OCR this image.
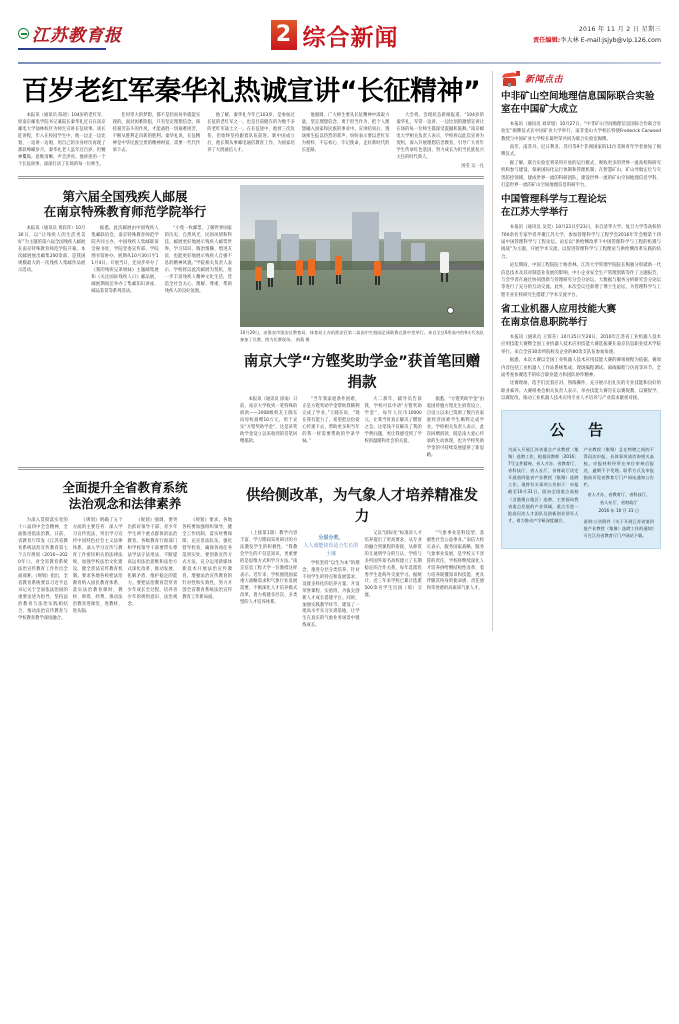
江苏教育报	2 综合新闻	2016 年 11 月 2 日 星期三
责任编辑:李大林 E-mail:jsjyb@vip.126.com
百岁老红军秦华礼热诚宣讲“长征精神”

本报讯（通讯员 陈瑶）104岁的老红军、原南京邮电学院书记兼院长秦华礼近日在南京邮电大学仙林校区为师生宣讲长征故事。谈长征讲程，年入在校园学生中，他一边走一边比划，一边讲一边唱，用自己的亲身经历再现了那段峥嵘岁月。秦华礼老人虽年过百岁，但精神矍铄，思维清晰，声音洪亮。他讲述的一个个长征故事，深深打动了在场的每一位师生。

任何零大的梦想，都不是轻而易举就能实现的。面对困难险阻，只有坚定理想信念，保持艰苦奋斗的作风，才能战胜一切艰难困苦，不断从胜利走向新的胜利。秦华礼说，长征精神是中华民族宝贵的精神财富，需要一代代传承下去。

他了解，秦华礼今年已103岁，是参加过长征的老红军之一，也是目前健在的为数不多的老红军战士之一。在长征途中，他曾三次负伤，但始终坚持跟着队伍前进。新中国成立后，他长期从事邮电通信教育工作，为国家培养了大批通信人才。

他强调，广大师生要从长征精神中汲取力量，坚定理想信念，勇于担当作为，把个人理想融入国家和民族的事业中。宣讲结束后，现场师生报以热烈的掌声，纷纷表示要以老红军为榜样，不忘初心、牢记使命，走好新时代的长征路。

大会将。会现状态新闻报道。“104岁的秦华礼，军常一边讲、一边比划的激情宣讲让在场的每一位师生都深受震撼和鼓舞。”南京邮电大学相关负责人表示，学校将以此次宣讲为契机，深入开展理想信念教育，引导广大青年学生传承红色基因，努力成长为担当民族复兴大任的时代新人。

汤雯 吴一凡
第六届全国残疾人邮展
在南京特殊教育师范学院举行

本报讯（通讯员 黄彩萍）10月30日，以“让残疾人的生活更美好”为主题的第六届全国残疾人邮展在南京特殊教育师范学院开幕。本次邮展展出邮集200余部，是我国规模最大的一次残疾人集邮作品展示活动。

据悉，此次邮展由中国残疾人集邮联谊会、南京特殊教育师范学院共同主办，中国残疾人集邮联谊会秘书处、学院党委宣传部、学院图书馆协办。展期从10月30日至11月4日。开展当日，还同步举办了《我的残疾兄弟姐妹》主题邮集展和《关注国际残疾人日》邮品展，邮展期间还举办了集邮知识讲座、邮品鉴赏等系列活动。

“小集一枚邮票，了解世界国家的历史、自然风光、民俗风情和科技。邮展更好地展示残疾人邮票世界，学习知识、陶冶情操、增进友谊，也能更好地展示残疾人自强不息的精神风貌。”学院相关负责人表示，学校将以此次邮展为契机，进一步丰富残疾人精神文化生活，营造全社会关心、理解、尊重、帮助残疾人的良好氛围。

10月29日，由淮安市淮安区教育局、体育局主办的淮安区第二届高中生校园足球联赛在淮中堂举行。来自全区6所高中的9支代表队参加了比赛，图为比赛现场。 南燕 摄
南京大学“方铿奖助学金”获首笔回赠捐款

本报讯（通讯员 徐南）日前，南京大学收到一笔特殊的捐款——2008级校友王晓东向母校捐赠10万元，用于充实“方铿奖助学金”。这是该奖助学金设立以来收到的首笔回赠捐款。

“当年我家庭条件困难，正是方铿奖助学金帮助我顺利完成了学业。”王晓东说，“现在我有能力了，希望把这份爱心传递下去，帮助更多和当年的我一样需要帮助的学弟学妹。”

大二那年，辅导员告诉我，学校可以申请“方铿奖助学金”，每年人民币10000元，让我当时真正解决了燃眉之急。这笔钱不仅解决了我的学费问题，更让我感受到了学校的温暖和社会的关爱。

据悉，“方铿奖助学金”由爱国侨胞方铿先生捐资设立，自设立以来已资助了数百名家庭经济困难学生顺利完成学业。学校相关负责人表示，此次回赠捐款，既是南大爱心传承的生动体现，也为学校奖助学金的可持续发展提供了新思路。

全面提升全省教育系统
法治观念和法律素养

为深入贯彻落实党的十八届四中全会精神，全面推进依法治教，日前，省教育厅印发《江苏省教育系统法治宣传教育第七个五年规划（2016—2020年）》，对全省教育系统法治宣传教育工作作出全面部署。《规划》指出，全省教育系统要以习近平总书记关于全面依法治国的重要论述为指导，坚持法治教育与法治实践相结合，推动法治宣传教育与学校教育教学深度融合。

《规划》明确了五个方面的主要任务：深入学习宣传宪法，突出学习宣传中国特色社会主义法律体系，深入学习宣传与教育工作密切相关的法律法规，加强学校法治文化建设，健全普法宣传教育机制。要求各地各校把法治教育纳入国民教育体系，落实法治教育课时、教材、师资、经费，推动法治教育进课堂、进教材、进头脑。

《规划》强调，要突出抓好领导干部、青少年学生两个重点群体的法治教育。各级教育行政部门和学校领导干部要带头尊法学法守法用法，不断提高运用法治思维和法治方式深化改革、推动发展、化解矛盾、维护稳定的能力。要把法治教育贯穿青少年成长全过程，培养青少年的规则意识、法治观念。

《规划》要求，各地各校要加强组织领导，健全工作机制，落实经费保障，充实普法队伍，强化督导检查，确保各项任务落到实处。要创新宣传方式方法，充分运用新媒体新技术开展法治宣传教育，增强法治宣传教育的针对性和实效性，努力开创全省教育系统法治宣传教育工作新局面。

供给侧改革，为气象人才培养精准发力

（上接第1版）教学内容丰富，学习期间采用研讨的方法激发学生的积极性。“我教会学生的不仅是知识，更重要的是思维方式和学习方法。”南京信息工程大学一位教授这样表示。近年来，学校围绕国家重大战略需求和气象行业发展需要，不断深化人才培养模式改革，着力构建多层次、多类型的人才培养体系。

分层分类，
人人成能快乐适合生长的土壤

学校坚持“以生为本”的理念，推进分层分类培养。针对不同学生的特点和发展需求，设置多样化的培养方案，开设荣誉课程、实验班，为拔尖创新人才成长搭建平台。同时，加强实践教学环节，建设了一批高水平实习实训基地，让学生在真实的气象业务场景中锻炼成长。

又以“国际化”标准对人才培养提出了更高要求，从专业的融合到课程的衔接，从师资的互通到学分的互认，学校与多所国外知名高校建立了长期稳定的合作关系，每年选派优秀学生赴海外交流学习。据统计，近三年来学校已累计选派500余名学生出国（境）交流。

“气象事业是科技型、基础性社会公益事业。”南信大校长表示，服务国家战略、服务气象事业发展，是学校义不容辞的责任。学校将继续深化人才培养供给侧结构性改革，着力培养既懂知识和技能、更具伴随其终身的使命感、责任感和荣誉感的高素质气象人才。

新闻点击
中非矿山空间地理信息国际联合实验室在中国矿大成立

本报讯（通讯员 刘章旭）10月27日，“中非矿山空间地理信息国际合作联合实验室”揭牌仪式在中国矿业大学举行。南非金山大学校长特使Frederick Carwood教授与中国矿业大学校长葛世荣共同为联合实验室揭牌。

南非、南苏丹、尼日利亚、苏丹等9个非洲国家的11位非洲青年学者参加了揭牌仪式。

据了解，联合实验室将采用开放的运行模式，吸收更多的世界一流高校和研究机构参与建设，探索国际化运行体制和管理机制；在智慧矿山、矿山导航定位与灾害防控领域，建成世界一流的科研团队，建设世界一流的矿山空间地理信息学科，打造世界一流的矿山空间地理信息科研平台。

中国管理科学与工程论坛
在江苏大学举行

本报讯（通讯员 吴奕）10月22日至23日，来自清华大学、复旦大学等高校的700余名专家学者齐聚江苏大学，参加管理科学与工程学会2016年年会暨第十四届中国管理科学与工程论坛。论坛以“供给侧改革下中国管理科学与工程的机遇与挑战”为主题，开展学术交流，以促进管理科学与工程理论与供给侧改革实践的结合。

论坛期间，中国工程院院士杨善林、江苏大学管理学院院长梅强分别就新一代信息技术及其对制造业发展的影响、中小企业安全生产管理创新等作了主题报告，与会学者在通过协同创新与管理研究分会分论坛、大数据与服务分析研究会分论坛等进行了充分的互动交流。此外，本次会议还新增了博士生论坛，为管理科学与工程专业在校研究生搭建了学术交流平台。

省工业机器人应用技能大赛
在南京信息职院举行

本报讯（通讯员 王蓉芬）10月25日至28日，2016年江苏省工业机器人技术应用技能大赛暨全国工业机器人技术应用技能大赛选拔赛在南京信息职业技术学院举行。来自全省30余所院校及企业的80余支队伍参加角逐。

据悉，本次大赛以全国工业机器人技术应用技能大赛的赛项规程为依据，赛项内容包括工业机器人工作站系统集成、现场编程调试、离线编程与仿真等环节，全面考查参赛选手的综合职业能力和团队协作精神。

比赛现场，选手们沉着应对、熟练操作，充分展示出扎实的专业技能和良好的职业素养。大赛组委会相关负责人表示，举办技能大赛旨在以赛促教、以赛促学、以赛促改，推动工业机器人技术应用专业人才培养与产业需求紧密对接。

公 告
为深入开展江苏省重点产业教授（集聚）选聘工作，根据苏教师〔2016〕7号文件精神，省人才办、省教育厅、省科技厅、省人社厅、省财政厅决定开展第四批省产业教授（集聚）选聘工作。现将有关事项公告如下：申报截至10月31日，面向全国重点高校（含港澳台地区）选聘，主要面向我省重点发展的产业领域，重点引进一批高层次人才团队及创新创业领军人才，着力推动产学研深度融合。
产业教授（集聚）且在特聘之间的不得再次申报，具体事项请咨询相关高校。申报材料经所在单位审核后报送，逾期不予受理。联系方式及申报指南详见省教育厅门户网站通知公告栏。
省人才办、省教育厅、省科技厅、
省人社厅、省财政厅
2016 年 10 月 31 日
说明:公告附件《关于开展江苏省第四批产业教授（集聚）选聘工作的通知》可在江苏省教育厅门户网站下载。
